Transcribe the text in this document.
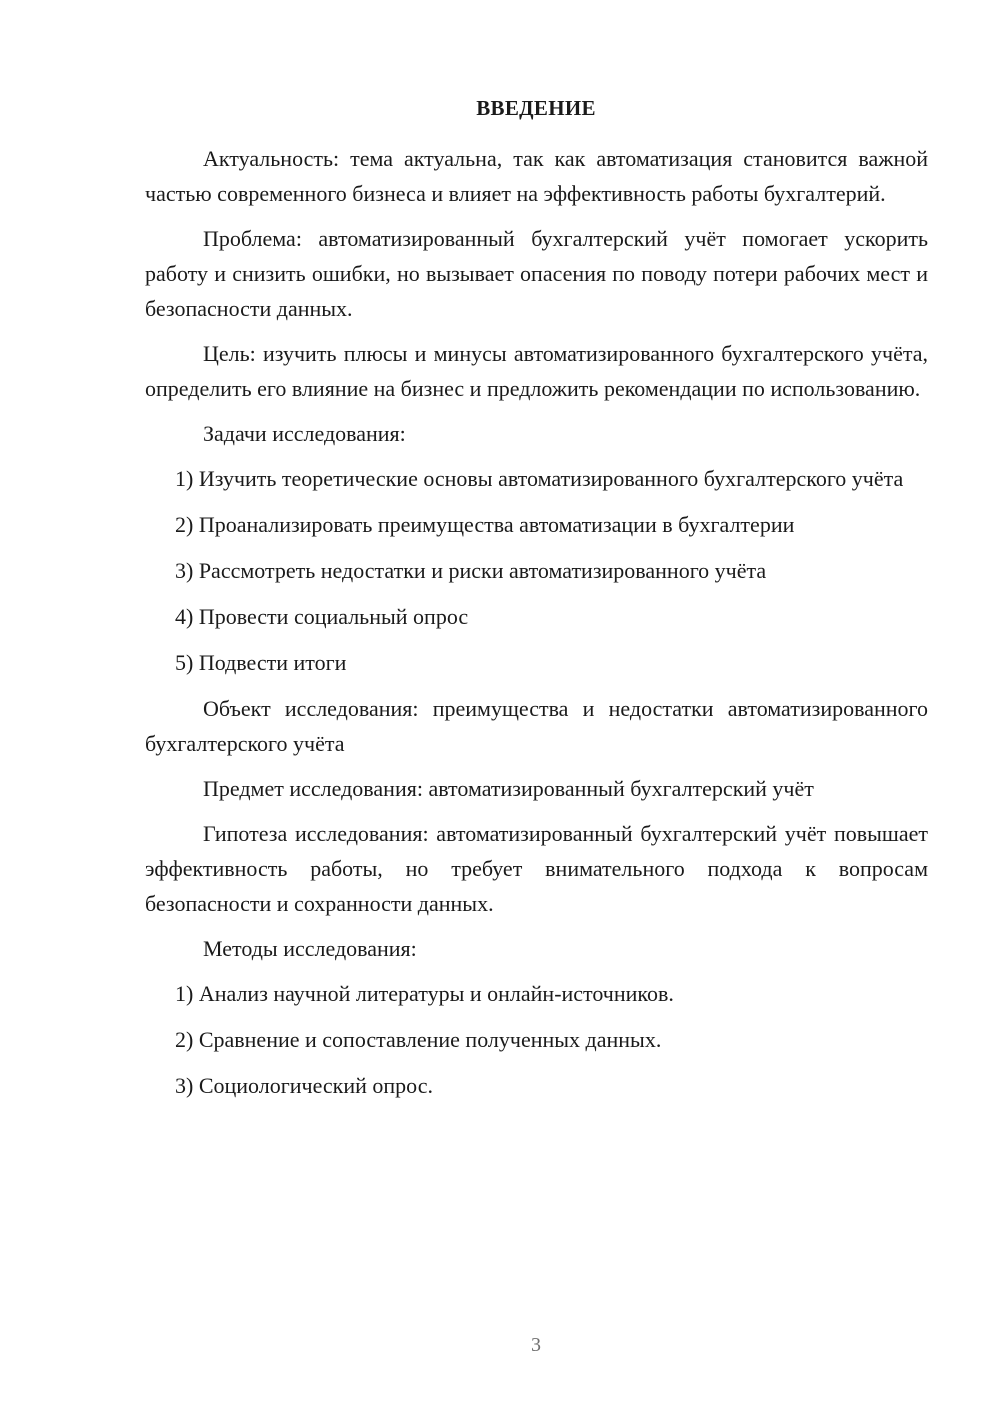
ВВЕДЕНИЕ

Актуальность: тема актуальна, так как автоматизация становится важной частью современного бизнеса и влияет на эффективность работы бухгалтерий.

Проблема: автоматизированный бухгалтерский учёт помогает ускорить работу и снизить ошибки, но вызывает опасения по поводу потери рабочих мест и безопасности данных.

Цель: изучить плюсы и минусы автоматизированного бухгалтерского учёта, определить его влияние на бизнес и предложить рекомендации по использованию.

Задачи исследования:

1) Изучить теоретические основы автоматизированного бухгалтерского учёта

2) Проанализировать преимущества автоматизации в бухгалтерии

3) Рассмотреть недостатки и риски автоматизированного учёта

4) Провести социальный опрос

5) Подвести итоги

Объект исследования: преимущества и недостатки автоматизированного бухгалтерского учёта

Предмет исследования: автоматизированный бухгалтерский учёт

Гипотеза исследования: автоматизированный бухгалтерский учёт повышает эффективность работы, но требует внимательного подхода к вопросам безопасности и сохранности данных.

Методы исследования:

1) Анализ научной литературы и онлайн-источников.

2) Сравнение и сопоставление полученных данных.

3) Социологический опрос.

3
